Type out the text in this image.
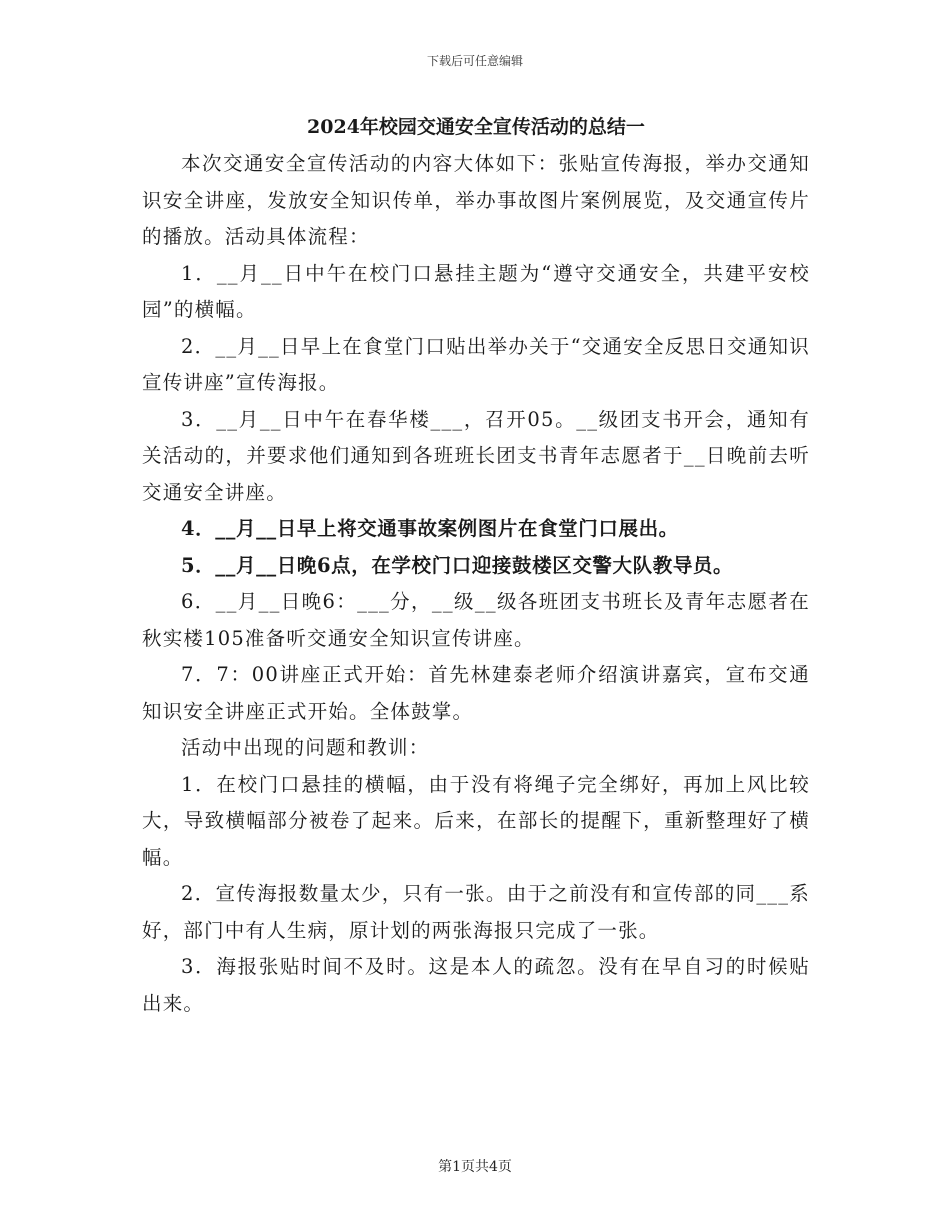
下载后可任意编辑
2024年校园交通安全宣传活动的总结一

本次交通安全宣传活动的内容大体如下：张贴宣传海报，举办交通知识安全讲座，发放安全知识传单，举办事故图片案例展览，及交通宣传片的播放。活动具体流程：

1．__月__日中午在校门口悬挂主题为“遵守交通安全，共建平安校园”的横幅。

2．__月__日早上在食堂门口贴出举办关于“交通安全反思日交通知识宣传讲座”宣传海报。

3．__月__日中午在春华楼___，召开05。__级团支书开会，通知有关活动的，并要求他们通知到各班班长团支书青年志愿者于__日晚前去听交通安全讲座。

4．__月__日早上将交通事故案例图片在食堂门口展出。

5．__月__日晚6点，在学校门口迎接鼓楼区交警大队教导员。

6．__月__日晚6：___分，__级__级各班团支书班长及青年志愿者在秋实楼105准备听交通安全知识宣传讲座。

7．7：00讲座正式开始：首先林建泰老师介绍演讲嘉宾，宣布交通知识安全讲座正式开始。全体鼓掌。

活动中出现的问题和教训：

1．在校门口悬挂的横幅，由于没有将绳子完全绑好，再加上风比较大，导致横幅部分被卷了起来。后来，在部长的提醒下，重新整理好了横幅。

2．宣传海报数量太少，只有一张。由于之前没有和宣传部的同___系好，部门中有人生病，原计划的两张海报只完成了一张。

3．海报张贴时间不及时。这是本人的疏忽。没有在早自习的时候贴出来。

第1页共4页
